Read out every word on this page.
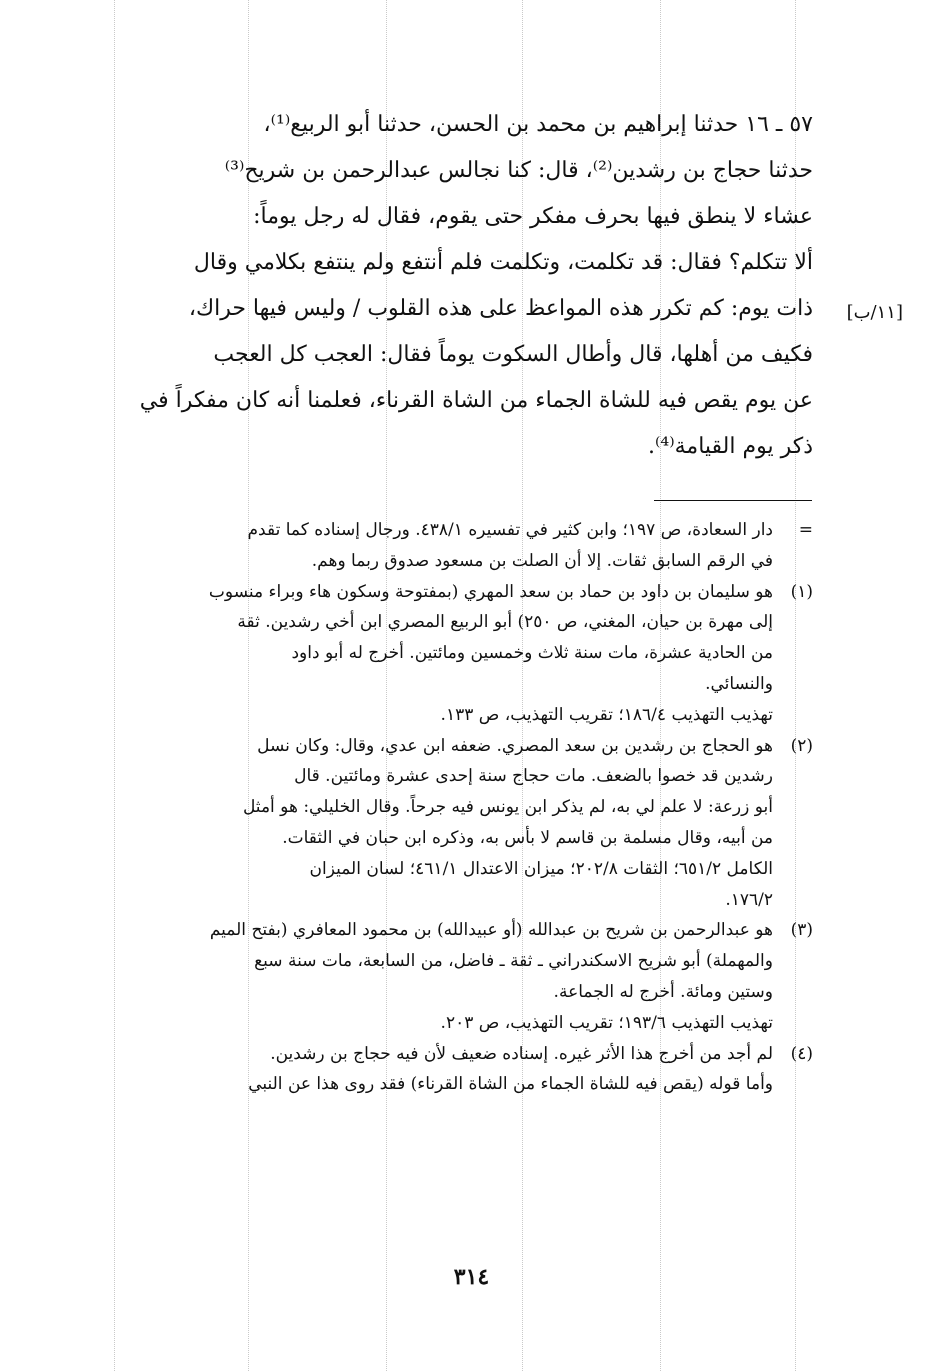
[١١/ب]
٥٧ ـ ١٦ حدثنا إبراهيم بن محمد بن الحسن، حدثنا أبو الربيع⁽¹⁾،
حدثنا حجاج بن رشدين⁽²⁾، قال: كنا نجالس عبدالرحمن بن شريح⁽³⁾
عشاء لا ينطق فيها بحرف مفكر حتى يقوم، فقال له رجل يوماً:
ألا تتكلم؟ فقال: قد تكلمت، وتكلمت فلم أنتفع ولم ينتفع بكلامي وقال
ذات يوم: كم تكرر هذه المواعظ على هذه القلوب / وليس فيها حراك،
فكيف من أهلها، قال وأطال السكوت يوماً فقال: العجب كل العجب
عن يوم يقص فيه للشاة الجماء من الشاة القرناء، فعلمنا أنه كان مفكراً في
ذكر يوم القيامة⁽⁴⁾.
=
دار السعادة، ص ١٩٧؛ وابن كثير في تفسيره ٤٣٨/١. ورجال إسناده كما تقدم
في الرقم السابق ثقات. إلا أن الصلت بن مسعود صدوق ربما وهم.
(١)
هو سليمان بن داود بن حماد بن سعد المهري (بمفتوحة وسكون هاء وبراء منسوب
إلى مهرة بن حيان، المغني، ص ٢٥٠) أبو الربيع المصري ابن أخي رشدين. ثقة
من الحادية عشرة، مات سنة ثلاث وخمسين ومائتين. أخرج له أبو داود
والنسائي.
تهذيب التهذيب ١٨٦/٤؛ تقريب التهذيب، ص ١٣٣.
(٢)
هو الحجاج بن رشدين بن سعد المصري. ضعفه ابن عدي، وقال: وكان نسل
رشدين قد خصوا بالضعف. مات حجاج سنة إحدى عشرة ومائتين. قال
أبو زرعة: لا علم لي به، لم يذكر ابن يونس فيه جرحاً. وقال الخليلي: هو أمثل
من أبيه، وقال مسلمة بن قاسم لا بأس به، وذكره ابن حبان في الثقات.
الكامل ٦٥١/٢؛ الثقات ٢٠٢/٨؛ ميزان الاعتدال ٤٦١/١؛ لسان الميزان
١٧٦/٢.
(٣)
هو عبدالرحمن بن شريح بن عبدالله (أو عبيدالله) بن محمود المعافري (بفتح الميم
والمهملة) أبو شريح الاسكندراني ـ ثقة ـ فاضل، من السابعة، مات سنة سبع
وستين ومائة. أخرج له الجماعة.
تهذيب التهذيب ١٩٣/٦؛ تقريب التهذيب، ص ٢٠٣.
(٤)
لم أجد من أخرج هذا الأثر غيره. إسناده ضعيف لأن فيه حجاج بن رشدين.
وأما قوله (يقص فيه للشاة الجماء من الشاة القرناء) فقد روى هذا عن النبي
٣١٤
